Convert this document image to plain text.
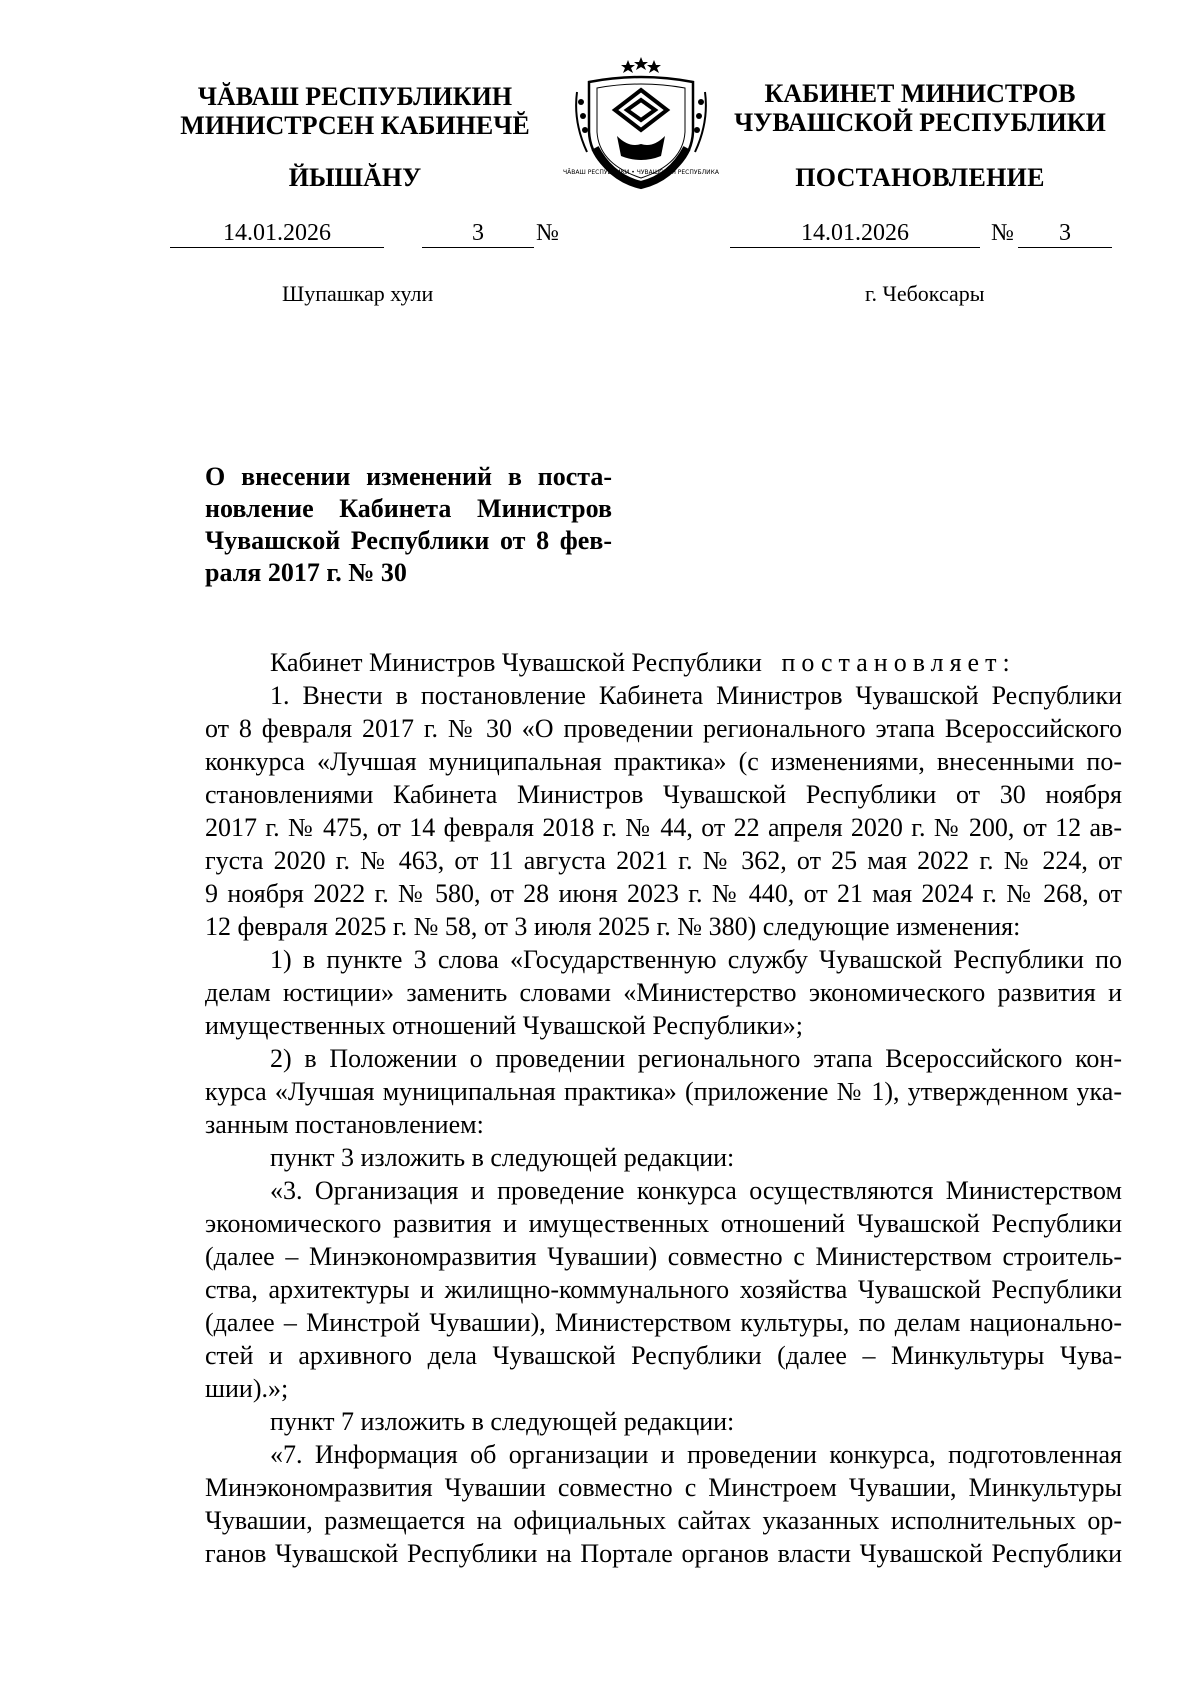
ЧĂВАШ РЕСПУБЛИКИН
МИНИСТРСЕН КАБИНЕЧĔ
КАБИНЕТ МИНИСТРОВ
ЧУВАШСКОЙ РЕСПУБЛИКИ
ЙЫШĂНУ	ПОСТАНОВЛЕНИЕ
ЧĂВАШ РЕСПУБЛИКИ • ЧУВАШСКАЯ РЕСПУБЛИКА
14.01.2026	3	№	14.01.2026	№	3
Шупашкар хули	г. Чебоксары
О внесении изменений в поста-
новление Кабинета Министров
Чувашской Республики от 8 фев-
раля 2017 г. № 30
Кабинет Министров Чувашской Республики постановляет:
1. Внести в постановление Кабинета Министров Чувашской Республики
от 8 февраля 2017 г. № 30 «О проведении регионального этапа Всероссийского
конкурса «Лучшая муниципальная практика» (с изменениями, внесенными по-
становлениями Кабинета Министров Чувашской Республики от 30 ноября
2017 г. № 475, от 14 февраля 2018 г. № 44, от 22 апреля 2020 г. № 200, от 12 ав-
густа 2020 г. № 463, от 11 августа 2021 г. № 362, от 25 мая 2022 г. № 224, от
9 ноября 2022 г. № 580, от 28 июня 2023 г. № 440, от 21 мая 2024 г. № 268, от
12 февраля 2025 г. № 58, от 3 июля 2025 г. № 380) следующие изменения:
1) в пункте 3 слова «Государственную службу Чувашской Республики по
делам юстиции» заменить словами «Министерство экономического развития и
имущественных отношений Чувашской Республики»;
2) в Положении о проведении регионального этапа Всероссийского кон-
курса «Лучшая муниципальная практика» (приложение № 1), утвержденном ука-
занным постановлением:
пункт 3 изложить в следующей редакции:
«3. Организация и проведение конкурса осуществляются Министерством
экономического развития и имущественных отношений Чувашской Республики
(далее – Минэкономразвития Чувашии) совместно с Министерством строитель-
ства, архитектуры и жилищно-коммунального хозяйства Чувашской Республики
(далее – Минстрой Чувашии), Министерством культуры, по делам национально-
стей и архивного дела Чувашской Республики (далее – Минкультуры Чува-
шии).»;
пункт 7 изложить в следующей редакции:
«7. Информация об организации и проведении конкурса, подготовленная
Минэкономразвития Чувашии совместно с Минстроем Чувашии, Минкультуры
Чувашии, размещается на официальных сайтах указанных исполнительных ор-
ганов Чувашской Республики на Портале органов власти Чувашской Республики
